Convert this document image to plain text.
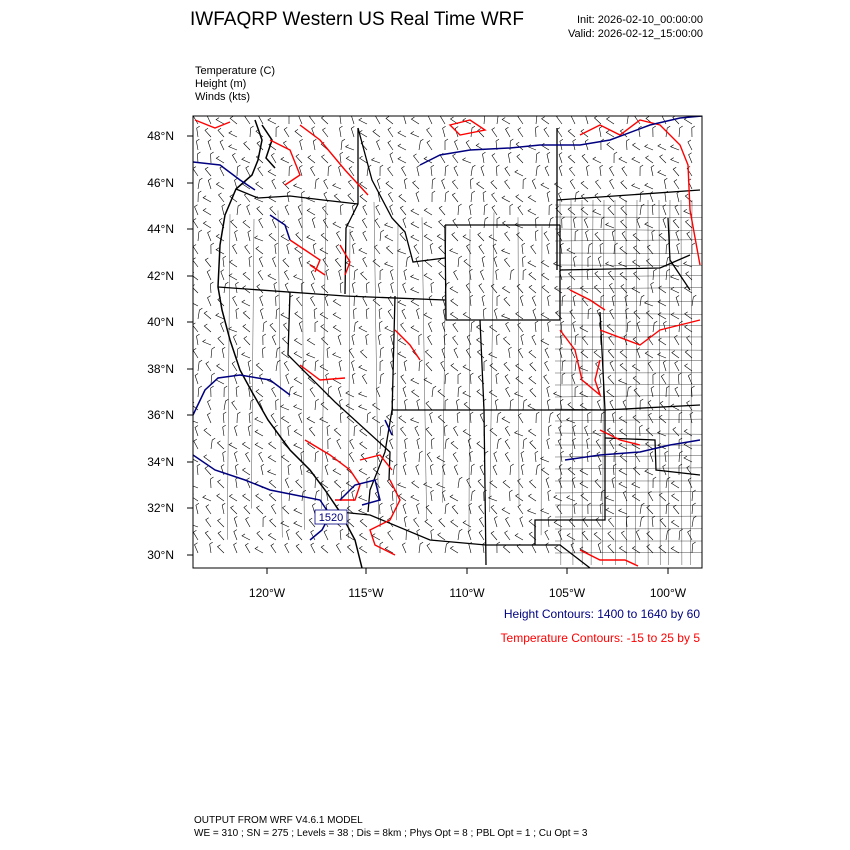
IWFAQRP Western US Real Time WRF	Init: 2026-02-10_00:00:00
Valid: 2026-02-12_15:00:00
Temperature (C)
Height (m)
Winds (kts)
1520
48°N
46°N
44°N
42°N
40°N
38°N
36°N
34°N
32°N
30°N
120°W	115°W	110°W	105°W	100°W
Height Contours: 1400 to 1640 by 60
Temperature Contours: -15 to 25 by 5
OUTPUT FROM WRF V4.6.1 MODEL
WE = 310 ; SN = 275 ; Levels = 38 ; Dis = 8km ; Phys Opt = 8 ; PBL Opt = 1 ; Cu Opt = 3
